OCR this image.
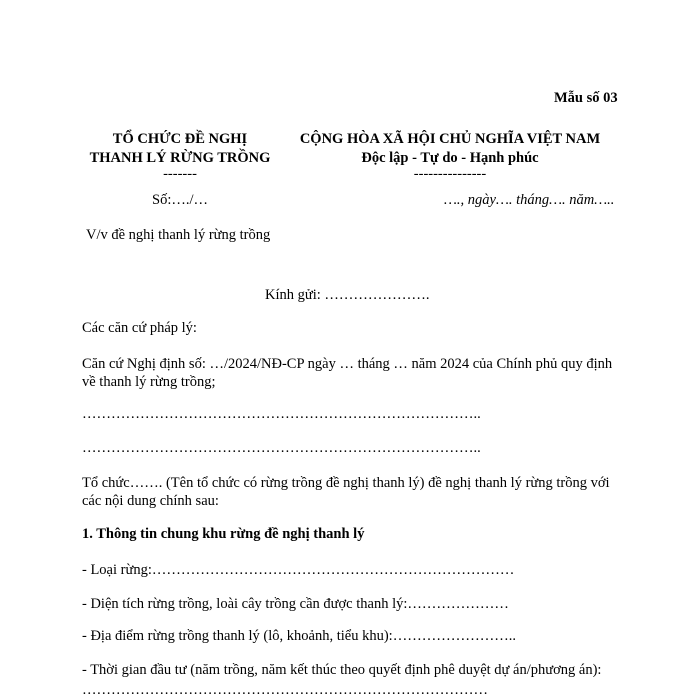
Mẫu số 03
TỔ CHỨC ĐỀ NGHỊ
THANH LÝ RỪNG TRỒNG
-------
CỘNG HÒA XÃ HỘI CHỦ NGHĨA VIỆT NAM
Độc lập - Tự do - Hạnh phúc
---------------
Số:…./…	…., ngày…. tháng…. năm…..
V/v đề nghị thanh lý rừng trồng
Kính gửi: ………………….
Các căn cứ pháp lý:
Căn cứ Nghị định số: …/2024/NĐ-CP ngày … tháng … năm 2024 của Chính phủ quy định về thanh lý rừng trồng;
………………………………………………………………………..
………………………………………………………………………..
Tổ chức……. (Tên tổ chức có rừng trồng đề nghị thanh lý) đề nghị thanh lý rừng trồng với các nội dung chính sau:
1. Thông tin chung khu rừng đề nghị thanh lý
- Loại rừng:…………………………………………………………………
- Diện tích rừng trồng, loài cây trồng cần được thanh lý:…………………
- Địa điểm rừng trồng thanh lý (lô, khoảnh, tiểu khu):……………………..
- Thời gian đầu tư (năm trồng, năm kết thúc theo quyết định phê duyệt dự án/phương án):
…………………………………………………………………………
